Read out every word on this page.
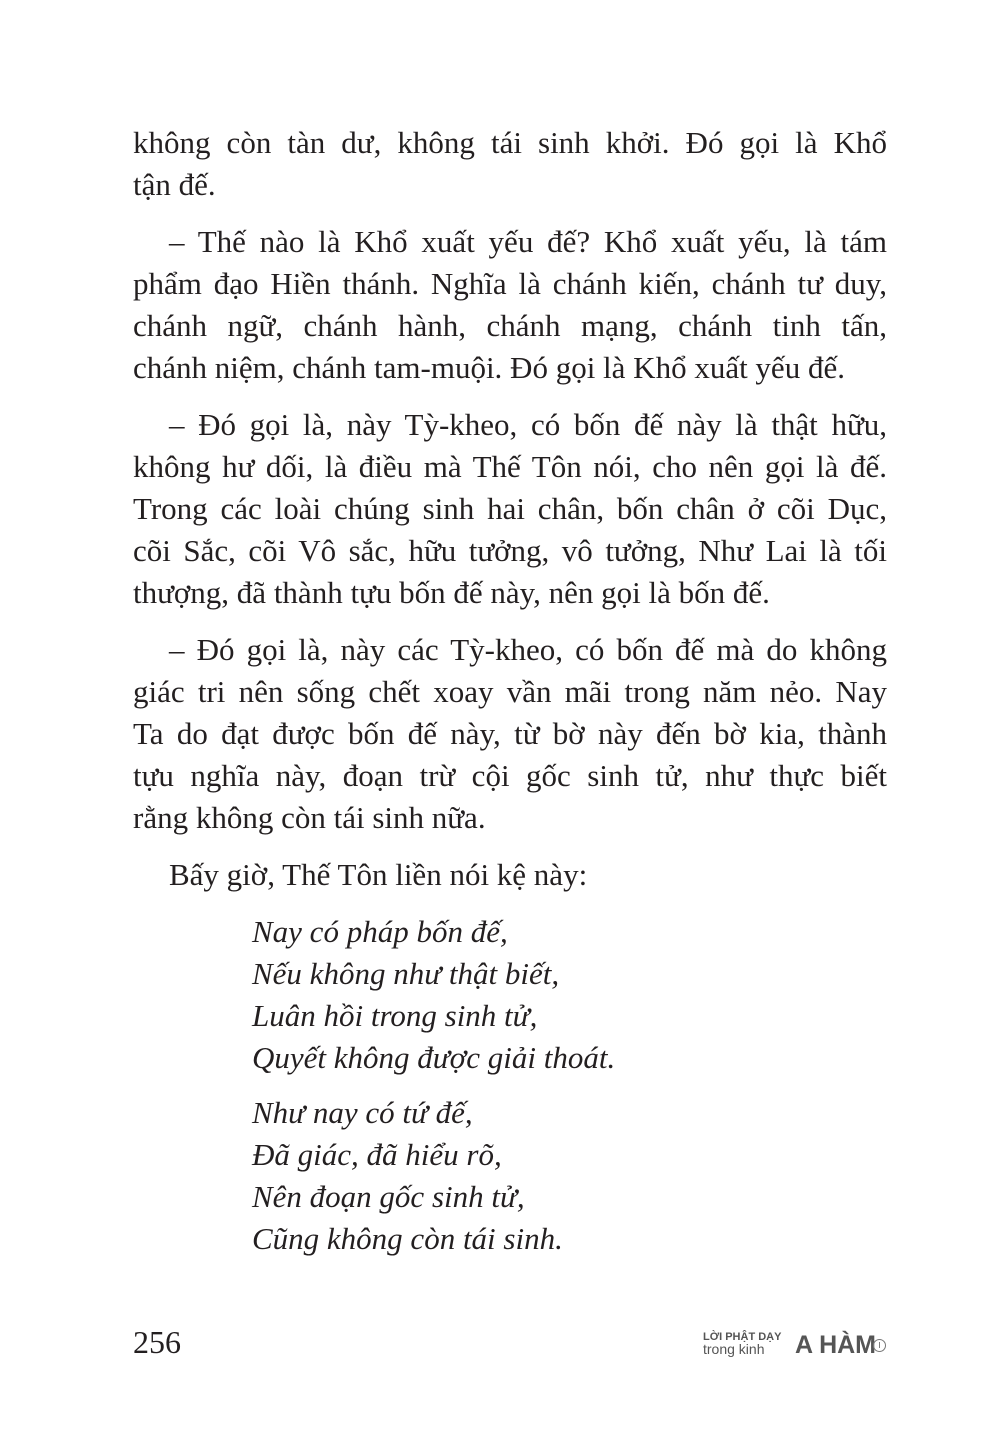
không còn tàn dư, không tái sinh khởi. Đó gọi là Khổ
tận đế.
– Thế nào là Khổ xuất yếu đế? Khổ xuất yếu, là tám
phẩm đạo Hiền thánh. Nghĩa là chánh kiến, chánh tư duy,
chánh ngữ, chánh hành, chánh mạng, chánh tinh tấn,
chánh niệm, chánh tam-muội. Đó gọi là Khổ xuất yếu đế.
– Đó gọi là, này Tỳ-kheo, có bốn đế này là thật hữu,
không hư dối, là điều mà Thế Tôn nói, cho nên gọi là đế.
Trong các loài chúng sinh hai chân, bốn chân ở cõi Dục,
cõi Sắc, cõi Vô sắc, hữu tưởng, vô tưởng, Như Lai là tối
thượng, đã thành tựu bốn đế này, nên gọi là bốn đế.
– Đó gọi là, này các Tỳ-kheo, có bốn đế mà do không
giác tri nên sống chết xoay vần mãi trong năm nẻo. Nay
Ta do đạt được bốn đế này, từ bờ này đến bờ kia, thành
tựu nghĩa này, đoạn trừ cội gốc sinh tử, như thực biết
rằng không còn tái sinh nữa.
Bấy giờ, Thế Tôn liền nói kệ này:
Nay có pháp bốn đế,
Nếu không như thật biết,
Luân hồi trong sinh tử,
Quyết không được giải thoát.
Như nay có tứ đế,
Đã giác, đã hiểu rõ,
Nên đoạn gốc sinh tử,
Cũng không còn tái sinh.
256	LỜI PHẬT DẠY
trong kinh A HÀM I
